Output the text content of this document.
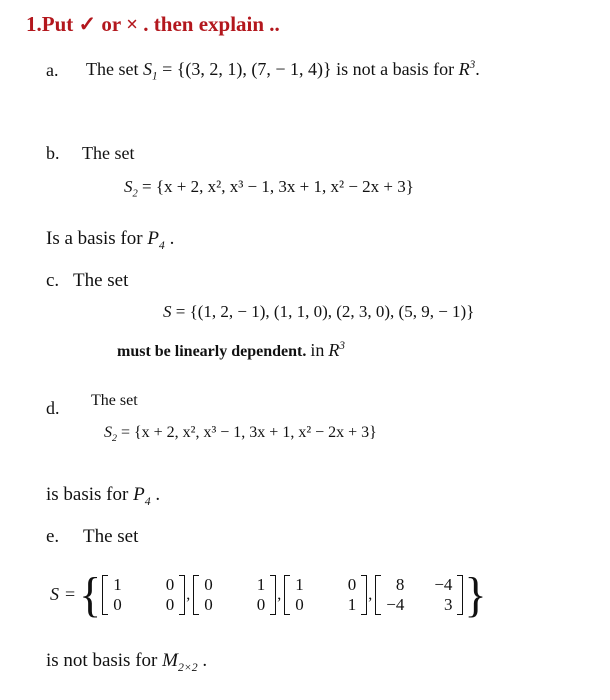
1.Put ✓ or × . then explain ..
a. The set $S_1 = \{(3$, 2, 1), (7, − 1, 4)} is not a basis for $R^3$.
b. The set
$S_2 = \{x + 2$, x², x³ − 1, 3x + 1, x² − 2x + 3}
Is a basis for $P_4$ .
c. The set
S = {(1, 2, − 1), (1, 1, 0), (2, 3, 0), (5, 9, − 1)}
must be linearly dependent. in $R^3$
d. The set
$S_2 = \{x + 2$, x², x³ − 1, 3x + 1, x² − 2x + 3}
is basis for $P_4$ .
e. The set
S = { 1		0
0		0
,
0		1
0		0
,
1		0
0		1
,
8		−4
−4		3 }
is not basis for $M_{2\times 2}$ .
